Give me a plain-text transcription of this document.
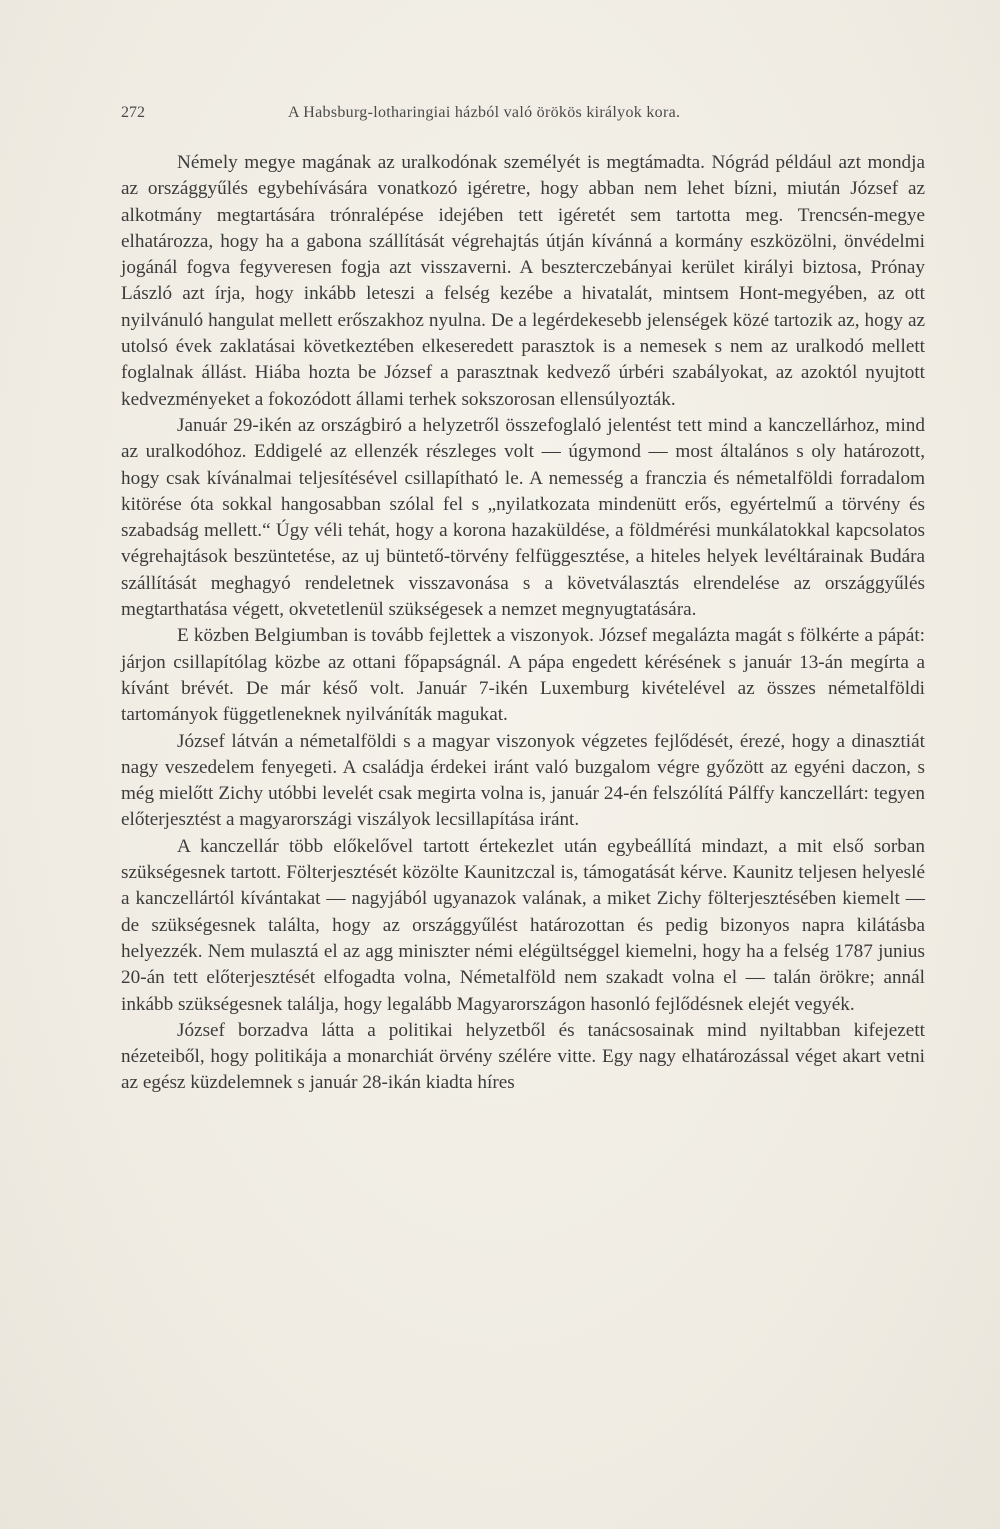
272	A Habsburg-lotharingiai házból való örökös királyok kora.

Némely megye magának az uralkodónak személyét is megtámadta. Nógrád például azt mondja az országgyűlés egybehívására vonatkozó igéretre, hogy abban nem lehet bízni, miután József az alkotmány megtartására trónralépése idejében tett igéretét sem tartotta meg. Trencsén-megye elhatározza, hogy ha a gabona szállítását végrehajtás útján kívánná a kormány eszközölni, önvédelmi jogánál fogva fegyveresen fogja azt visszaverni. A beszterczebányai kerület királyi biztosa, Prónay László azt írja, hogy inkább leteszi a felség kezébe a hivatalát, mintsem Hont-megyében, az ott nyilvánuló hangulat mellett erőszakhoz nyulna. De a legérdekesebb jelenségek közé tartozik az, hogy az utolsó évek zaklatásai következtében elkeseredett parasztok is a nemesek s nem az uralkodó mellett foglalnak állást. Hiába hozta be József a parasztnak kedvező úrbéri szabályokat, az azoktól nyujtott kedvezményeket a fokozódott állami terhek sokszorosan ellensúlyozták.

Január 29-ikén az országbiró a helyzetről összefoglaló jelentést tett mind a kanczellárhoz, mind az uralkodóhoz. Eddigelé az ellenzék részleges volt — úgymond — most általános s oly határozott, hogy csak kívánalmai teljesítésével csillapítható le. A nemesség a franczia és németalföldi forradalom kitörése óta sokkal hangosabban szólal fel s „nyilatkozata mindenütt erős, egyértelmű a törvény és szabadság mellett.“ Úgy véli tehát, hogy a korona hazaküldése, a földmérési munkálatokkal kapcsolatos végrehajtások beszüntetése, az uj büntető-törvény felfüggesztése, a hiteles helyek levéltárainak Budára szállítását meghagyó rendeletnek visszavonása s a követválasztás elrendelése az országgyűlés megtarthatása végett, okvetetlenül szükségesek a nemzet megnyugtatására.

E közben Belgiumban is tovább fejlettek a viszonyok. József megalázta magát s fölkérte a pápát: járjon csillapítólag közbe az ottani főpapságnál. A pápa engedett kérésének s január 13-án megírta a kívánt brévét. De már késő volt. Január 7-ikén Luxemburg kivételével az összes németalföldi tartományok függetleneknek nyilváníták magukat.

József látván a németalföldi s a magyar viszonyok végzetes fejlődését, érezé, hogy a dinasztiát nagy veszedelem fenyegeti. A családja érdekei iránt való buzgalom végre győzött az egyéni daczon, s még mielőtt Zichy utóbbi levelét csak megirta volna is, január 24-én felszólítá Pálffy kanczellárt: tegyen előterjesztést a magyarországi viszályok lecsillapítása iránt.

A kanczellár több előkelővel tartott értekezlet után egybeállítá mindazt, a mit első sorban szükségesnek tartott. Fölterjesztését közölte Kaunitzczal is, támogatását kérve. Kaunitz teljesen helyeslé a kanczellártól kívántakat — nagyjából ugyanazok valának, a miket Zichy fölterjesztésében kiemelt — de szükségesnek találta, hogy az országgyűlést határozottan és pedig bizonyos napra kilátásba helyezzék. Nem mulasztá el az agg miniszter némi elégültséggel kiemelni, hogy ha a felség 1787 junius 20-án tett előterjesztését elfogadta volna, Németalföld nem szakadt volna el — talán örökre; annál inkább szükségesnek találja, hogy legalább Magyarországon hasonló fejlődésnek elejét vegyék.

József borzadva látta a politikai helyzetből és tanácsosainak mind nyiltabban kifejezett nézeteiből, hogy politikája a monarchiát örvény szélére vitte. Egy nagy elhatározással véget akart vetni az egész küzdelemnek s január 28-ikán kiadta híres
